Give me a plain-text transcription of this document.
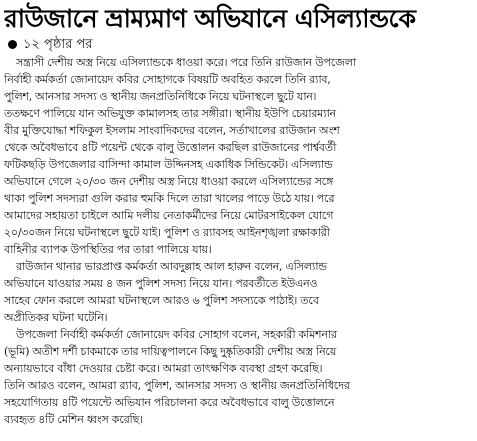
রাউজানে ভ্রাম্যমাণ অভিযানে এসিল্যান্ডকে
১২ পৃষ্ঠার পর
সন্ত্রাসী দেশীয় অস্ত্র নিয়ে এসিল্যান্ডকে ধাওয়া করে। পরে তিনি রাউজান উপজেলা
নির্বাহী কর্মকর্তা জোনায়েদ কবির সোহাগকে বিষয়টি অবহিত করলে তিনি র‌্যাব,
পুলিশ, আনসার সদস্য ও স্থানীয় জনপ্রতিনিধিকে নিয়ে ঘটনাস্থলে ছুটে যান।
ততক্ষণে পালিয়ে যান অভিযুক্ত কামালসহ তার সঙ্গীরা। স্থানীয় ইউপি চেয়ারম্যান
বীর মুক্তিযোদ্ধা শফিকুল ইসলাম সাংবাদিকদের বলেন, সর্তাখালের রাউজান অংশ
থেকে অবৈধভাবে ৪টি পয়েন্ট থেকে বালু উত্তোলন করছিল রাউজানের পার্শ্ববর্তী
ফটিকছড়ি উপজেলার বাসিন্দা কামাল উদ্দিনসহ একাধিক সিন্ডিকেট। এসিল্যান্ড
অভিযানে গেলে ২০/৩০ জন দেশীয় অস্ত্র নিয়ে ধাওয়া করলে এসিল্যান্ডের সঙ্গে
থাকা পুলিশ সদস্যরা গুলি করার হুমকি দিলে তারা খালের পাড়ে উঠে যায়। পরে
আমাদের সহায়তা চাইলে আমি দলীয় নেতাকর্মীদের নিয়ে মোটরসাইকেল যোগে
২০/৩০জন নিয়ে ঘটনাস্থলে ছুটে যাই। পুলিশ ও র‌্যাবসহ আইনশৃঙ্খলা রক্ষাকারী
বাহিনীর ব্যাপক উপস্থিতির পর তারা পালিয়ে যায়।
রাউজান থানার ভারপ্রাপ্ত কর্মকর্তা আবদুল্লাহ আল হারুন বলেন, এসিল্যান্ড
অভিযানে যাওয়ার সময় ৪ জন পুলিশ সদস্য নিয়ে যান। পরবর্তীতে ইউএনও
সাহেব ফোন করলে আমরা ঘটনাস্থলে আরও ৬ পুলিশ সদস্যকে পাঠাই। তবে
অপ্রীতিকর ঘটনা ঘটেনি।
উপজেলা নির্বাহী কর্মকর্তা জোনায়েদ কবির সোহাগ বলেন, সহকারী কমিশনার
(ভূমি) অতীশ দর্শী চাকমাকে তার দায়িত্বপালনে কিছু দুষ্কৃতিকারী দেশীয় অস্ত্র নিয়ে
অন্যায়ভাবে বাঁধা দেওয়ার চেষ্টা করে। আমরা তাৎক্ষণিক ব্যবস্থা গ্রহণ করেছি।
তিনি আরও বলেন, আমরা র‌্যাব, পুলিশ, আনসার সদস্য ও স্থানীয় জনপ্রতিনিধিদের
সহযোগিতায় ৪টি পয়েন্টে অভিযান পরিচালনা করে অবৈধভাবে বালু উত্তোলনে
ব্যবহৃত ৪টি মেশিন ধ্বংস করেছি।
